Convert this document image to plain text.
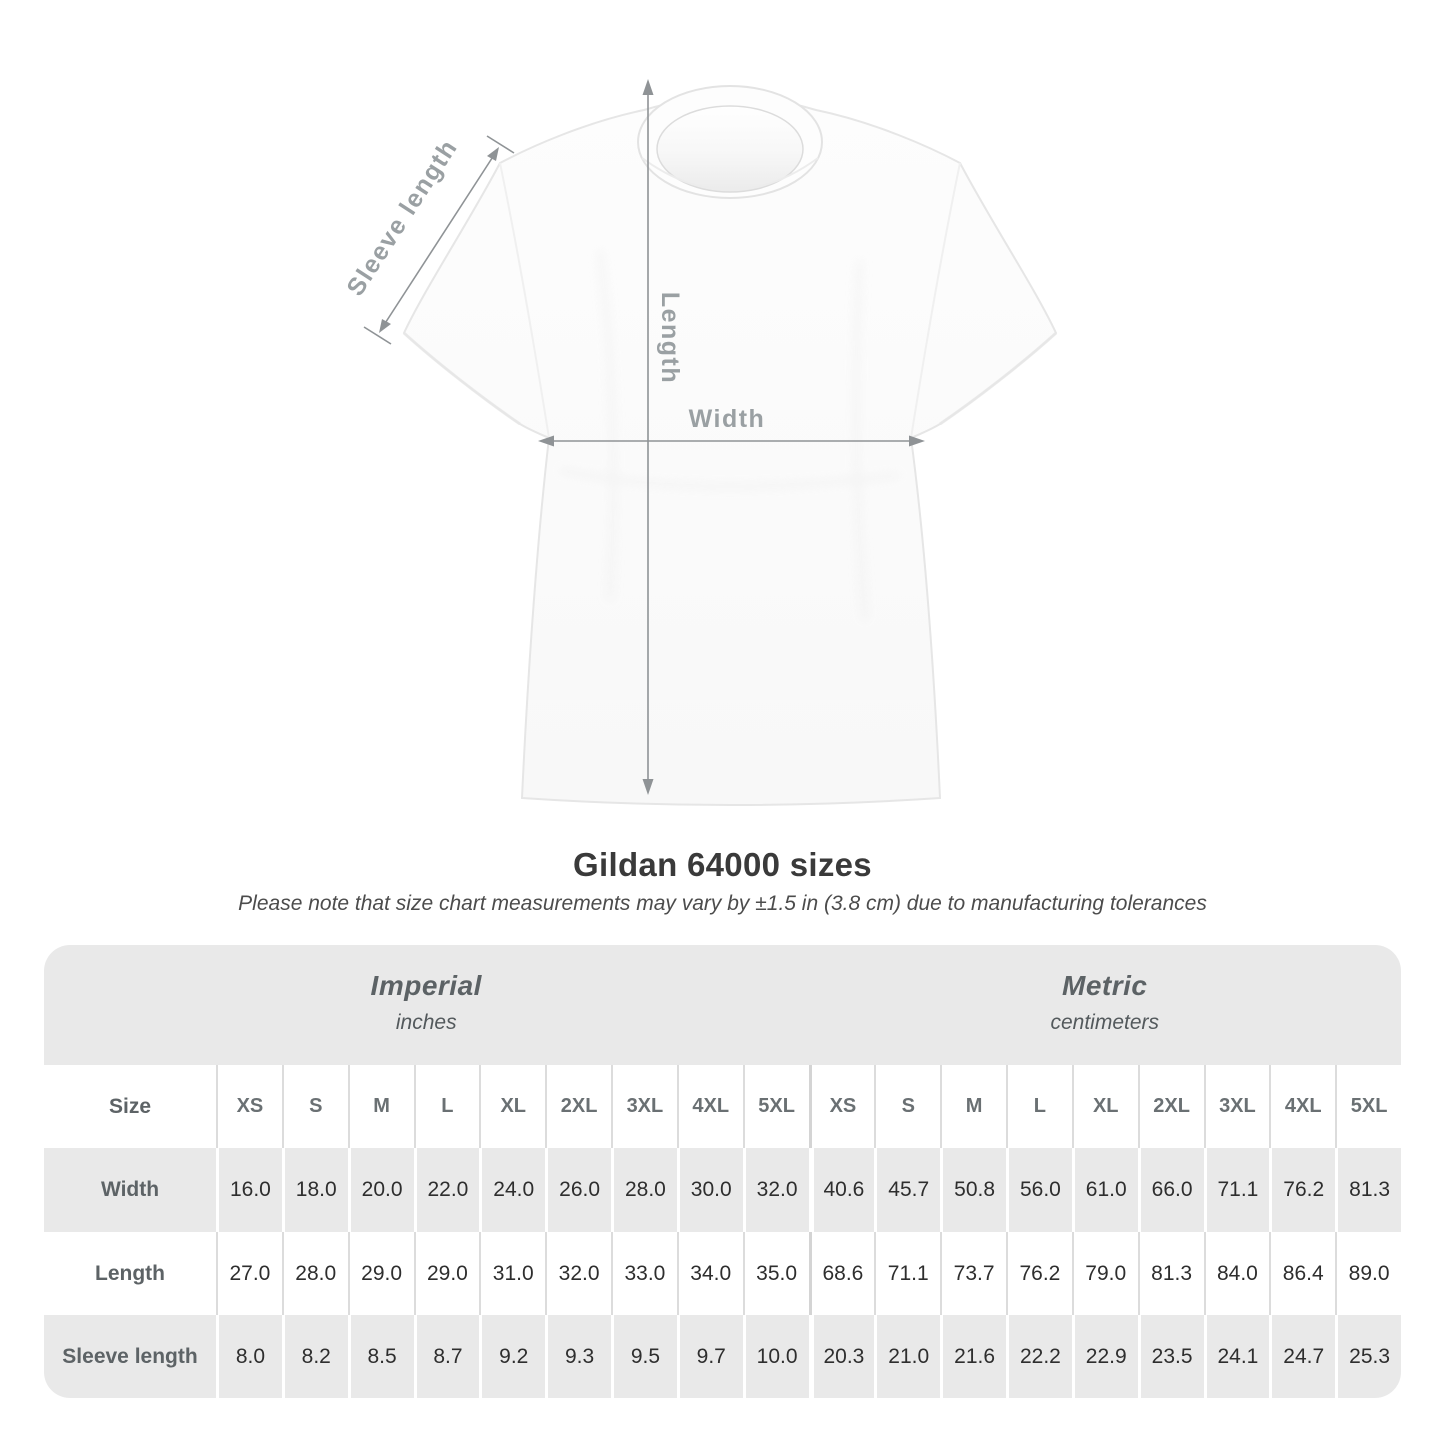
Width
Length
Sleeve length
Gildan 64000 sizes
Please note that size chart measurements may vary by ±1.5 in (3.8 cm) due to manufacturing tolerances
Imperial
inches
Metric
centimeters
Size	XS	S	M	L	XL	2XL	3XL	4XL	5XL	XS	S	M	L	XL	2XL	3XL	4XL	5XL
Width	16.0	18.0	20.0	22.0	24.0	26.0	28.0	30.0	32.0	40.6	45.7	50.8	56.0	61.0	66.0	71.1	76.2	81.3
Length	27.0	28.0	29.0	29.0	31.0	32.0	33.0	34.0	35.0	68.6	71.1	73.7	76.2	79.0	81.3	84.0	86.4	89.0
Sleeve length	8.0	8.2	8.5	8.7	9.2	9.3	9.5	9.7	10.0	20.3	21.0	21.6	22.2	22.9	23.5	24.1	24.7	25.3
